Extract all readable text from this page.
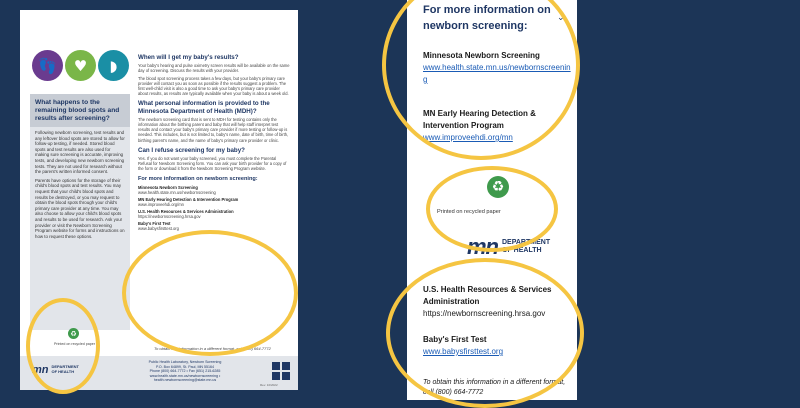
👣	♥	◗
What happens to the remaining blood spots and results after screening?

Following newborn screening, test results and any leftover blood spots are stored to allow for follow-up testing, if needed. Stored blood spots and test results are also used for making sure screening is accurate, improving tests, and developing new newborn screening tests. They are not used for research without the parent's written informed consent.

Parents have options for the storage of their child's blood spots and test results. You may request that your child's blood spots and results be destroyed, or you may request to obtain the blood spots through your child's primary care provider at any time. You may also choose to allow your child's blood spots and results to be used for research. Ask your provider or visit the Newborn Screening Program website for forms and instructions on how to request these options.

When will I get my baby's results?

Your baby's hearing and pulse oximetry screen results will be available on the same day of screening. Discuss the results with your provider.

The blood spot screening process takes a few days, but your baby's primary care provider will contact you as soon as possible if the results suggest a problem. The first well-child visit is also a good time to ask your baby's primary care provider about results, as results are typically available when your baby is about a week old.

What personal information is provided to the Minnesota Department of Health (MDH)?

The newborn screening card that is sent to MDH for testing contains only the information about the birthing parent and baby that will help staff interpret test results and contact your baby's primary care provider if more testing or follow-up is needed. This includes, but is not limited to, baby's name, date of birth, time of birth, birthing parent's name, and the name of baby's primary care provider or clinic.

Can I refuse screening for my baby?

Yes. If you do not want your baby screened, you must complete the Parental Refusal for Newborn Screening form. You can ask your birth provider for a copy of the form or download it from the Newborn Screening Program website.

For more information on newborn screening:
Minnesota Newborn Screening
www.health.state.mn.us/newbornscreening
MN Early Hearing Detection & Intervention Program
www.improveehdi.org/mn
U.S. Health Resources & Services Administration
https://newbornscreening.hrsa.gov
Baby's First Test
www.babysfirsttest.org
♻
Printed on recycled paper
To obtain this information in a different format, call (800) 664-7772
mn DEPARTMENT
OF HEALTH
Public Health Laboratory, Newborn Screening
P.O. Box 64899, St. Paul, MN 55164
Phone (800) 664-7772 • Fax (651) 215-6285
www.health.state.mn.us/newbornscreening • health.newbornscreening@state.mn.us
Rev. 10/2022
For more information on newborn screening:
⌄
Minnesota Newborn Screening
www.health.state.mn.us/newbornscreening
MN Early Hearing Detection & Intervention Program
www.improveehdi.org/mn
♻
Printed on recycled paper
mn DEPARTMENT
OF HEALTH
U.S. Health Resources & Services Administration
https://newbornscreening.hrsa.gov
Baby's First Test
www.babysfirsttest.org
To obtain this information in a different format, call (800) 664-7772
